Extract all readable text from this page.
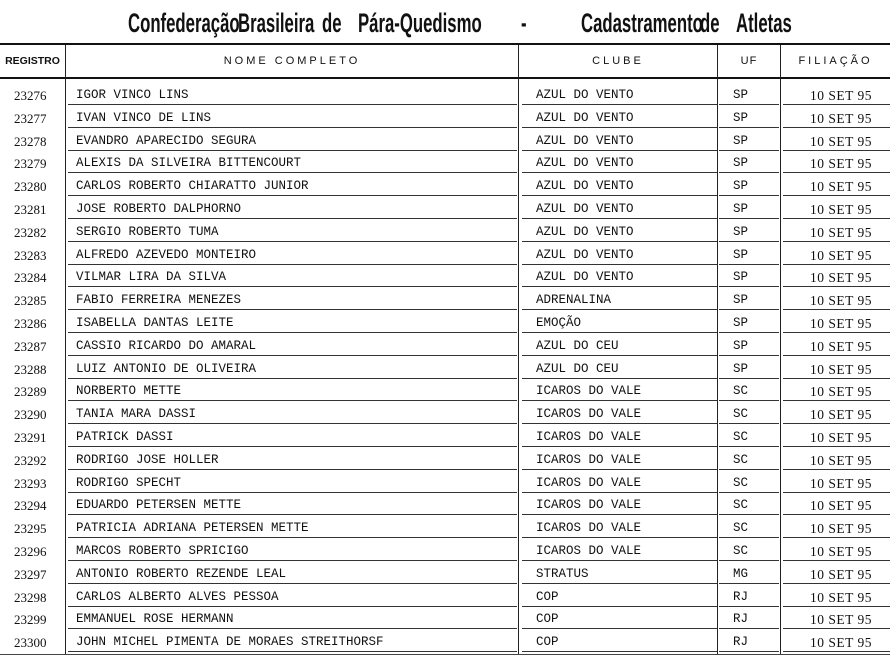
Confederação
Brasileira de Pára-Quedismo - Cadastramento
de Atletas
REGISTRO	NOME COMPLETO	CLUBE	UF	FILIAÇÃO
23276 IGOR VINCO LINS	AZUL DO VENTO	SP	10 SET 95
23277 IVAN VINCO DE LINS	AZUL DO VENTO	SP	10 SET 95
23278 EVANDRO APARECIDO SEGURA	AZUL DO VENTO	SP	10 SET 95
23279 ALEXIS DA SILVEIRA BITTENCOURT	AZUL DO VENTO	SP	10 SET 95
23280 CARLOS ROBERTO CHIARATTO JUNIOR	AZUL DO VENTO	SP	10 SET 95
23281 JOSE ROBERTO DALPHORNO	AZUL DO VENTO	SP	10 SET 95
23282 SERGIO ROBERTO TUMA	AZUL DO VENTO	SP	10 SET 95
23283 ALFREDO AZEVEDO MONTEIRO	AZUL DO VENTO	SP	10 SET 95
23284 VILMAR LIRA DA SILVA	AZUL DO VENTO	SP	10 SET 95
23285 FABIO FERREIRA MENEZES	ADRENALINA	SP	10 SET 95
23286 ISABELLA DANTAS LEITE	EMOÇÃO	SP	10 SET 95
23287 CASSIO RICARDO DO AMARAL	AZUL DO CEU	SP	10 SET 95
23288 LUIZ ANTONIO DE OLIVEIRA	AZUL DO CEU	SP	10 SET 95
23289 NORBERTO METTE	ICAROS DO VALE	SC	10 SET 95
23290 TANIA MARA DASSI	ICAROS DO VALE	SC	10 SET 95
23291 PATRICK DASSI	ICAROS DO VALE	SC	10 SET 95
23292 RODRIGO JOSE HOLLER	ICAROS DO VALE	SC	10 SET 95
23293 RODRIGO SPECHT	ICAROS DO VALE	SC	10 SET 95
23294 EDUARDO PETERSEN METTE	ICAROS DO VALE	SC	10 SET 95
23295 PATRICIA ADRIANA PETERSEN METTE	ICAROS DO VALE	SC	10 SET 95
23296 MARCOS ROBERTO SPRICIGO	ICAROS DO VALE	SC	10 SET 95
23297 ANTONIO ROBERTO REZENDE LEAL	STRATUS	MG	10 SET 95
23298 CARLOS ALBERTO ALVES PESSOA	COP	RJ	10 SET 95
23299 EMMANUEL ROSE HERMANN	COP	RJ	10 SET 95
23300 JOHN MICHEL PIMENTA DE MORAES STREITHORSF	COP	RJ	10 SET 95
